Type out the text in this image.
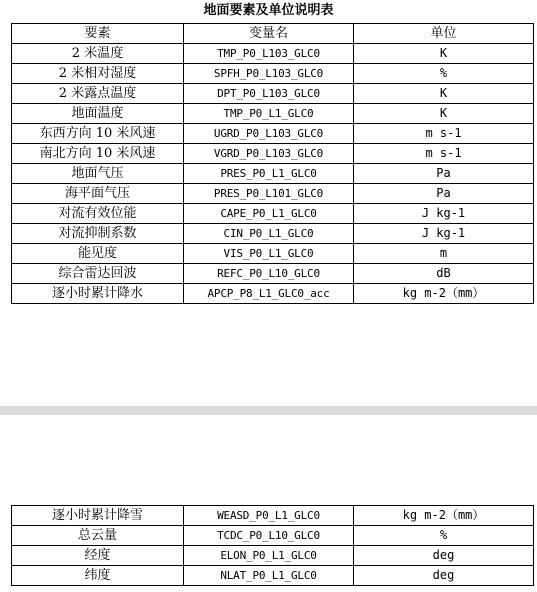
地面要素及单位说明表
要素	变量名	单位
2 米温度	TMP_P0_L103_GLC0	K
2 米相对湿度	SPFH_P0_L103_GLC0	%
2 米露点温度	DPT_P0_L103_GLC0	K
地面温度	TMP_P0_L1_GLC0	K
东西方向 10 米风速	UGRD_P0_L103_GLC0	m s-1
南北方向 10 米风速	VGRD_P0_L103_GLC0	m s-1
地面气压	PRES_P0_L1_GLC0	Pa
海平面气压	PRES_P0_L101_GLC0	Pa
对流有效位能	CAPE_P0_L1_GLC0	J kg-1
对流抑制系数	CIN_P0_L1_GLC0	J kg-1
能见度	VIS_P0_L1_GLC0	m
综合雷达回波	REFC_P0_L10_GLC0	dB
逐小时累计降水	APCP_P8_L1_GLC0_acc	kg m-2（mm）
逐小时累计降雪	WEASD_P0_L1_GLC0	kg m-2（mm）
总云量	TCDC_P0_L10_GLC0	%
经度	ELON_P0_L1_GLC0	deg
纬度	NLAT_P0_L1_GLC0	deg
